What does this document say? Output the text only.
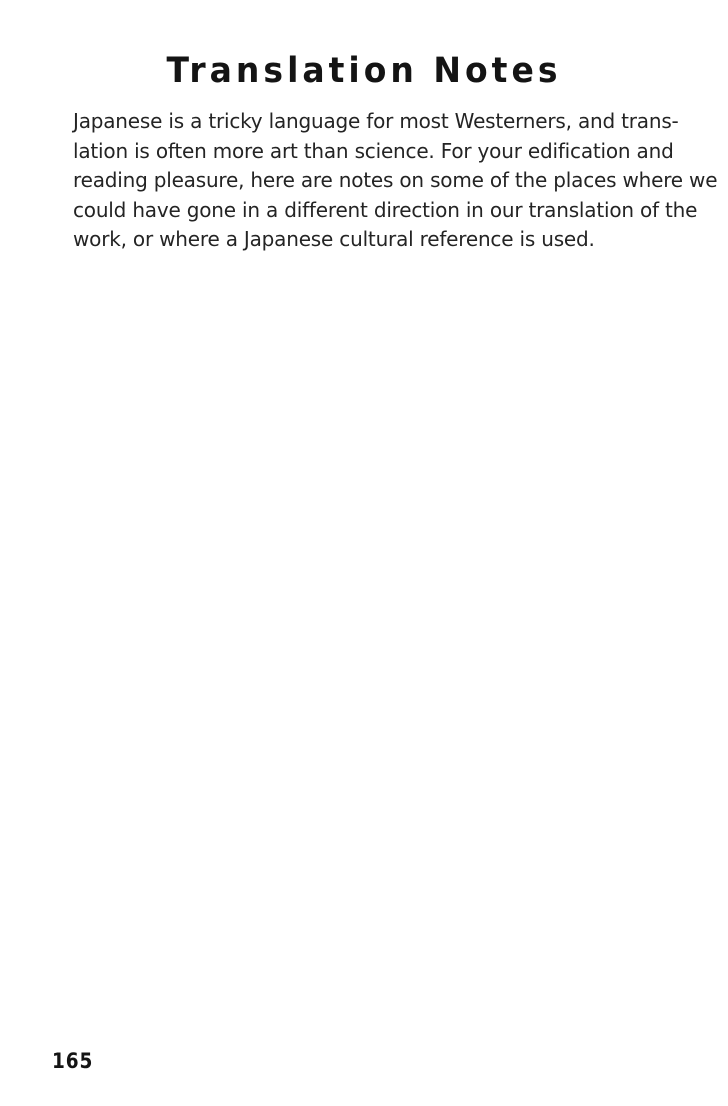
Translation Notes
Japanese is a tricky language for most Westerners, and trans-
lation is often more art than science. For your edification and
reading pleasure, here are notes on some of the places where we
could have gone in a different direction in our translation of the
work, or where a Japanese cultural reference is used.
165
